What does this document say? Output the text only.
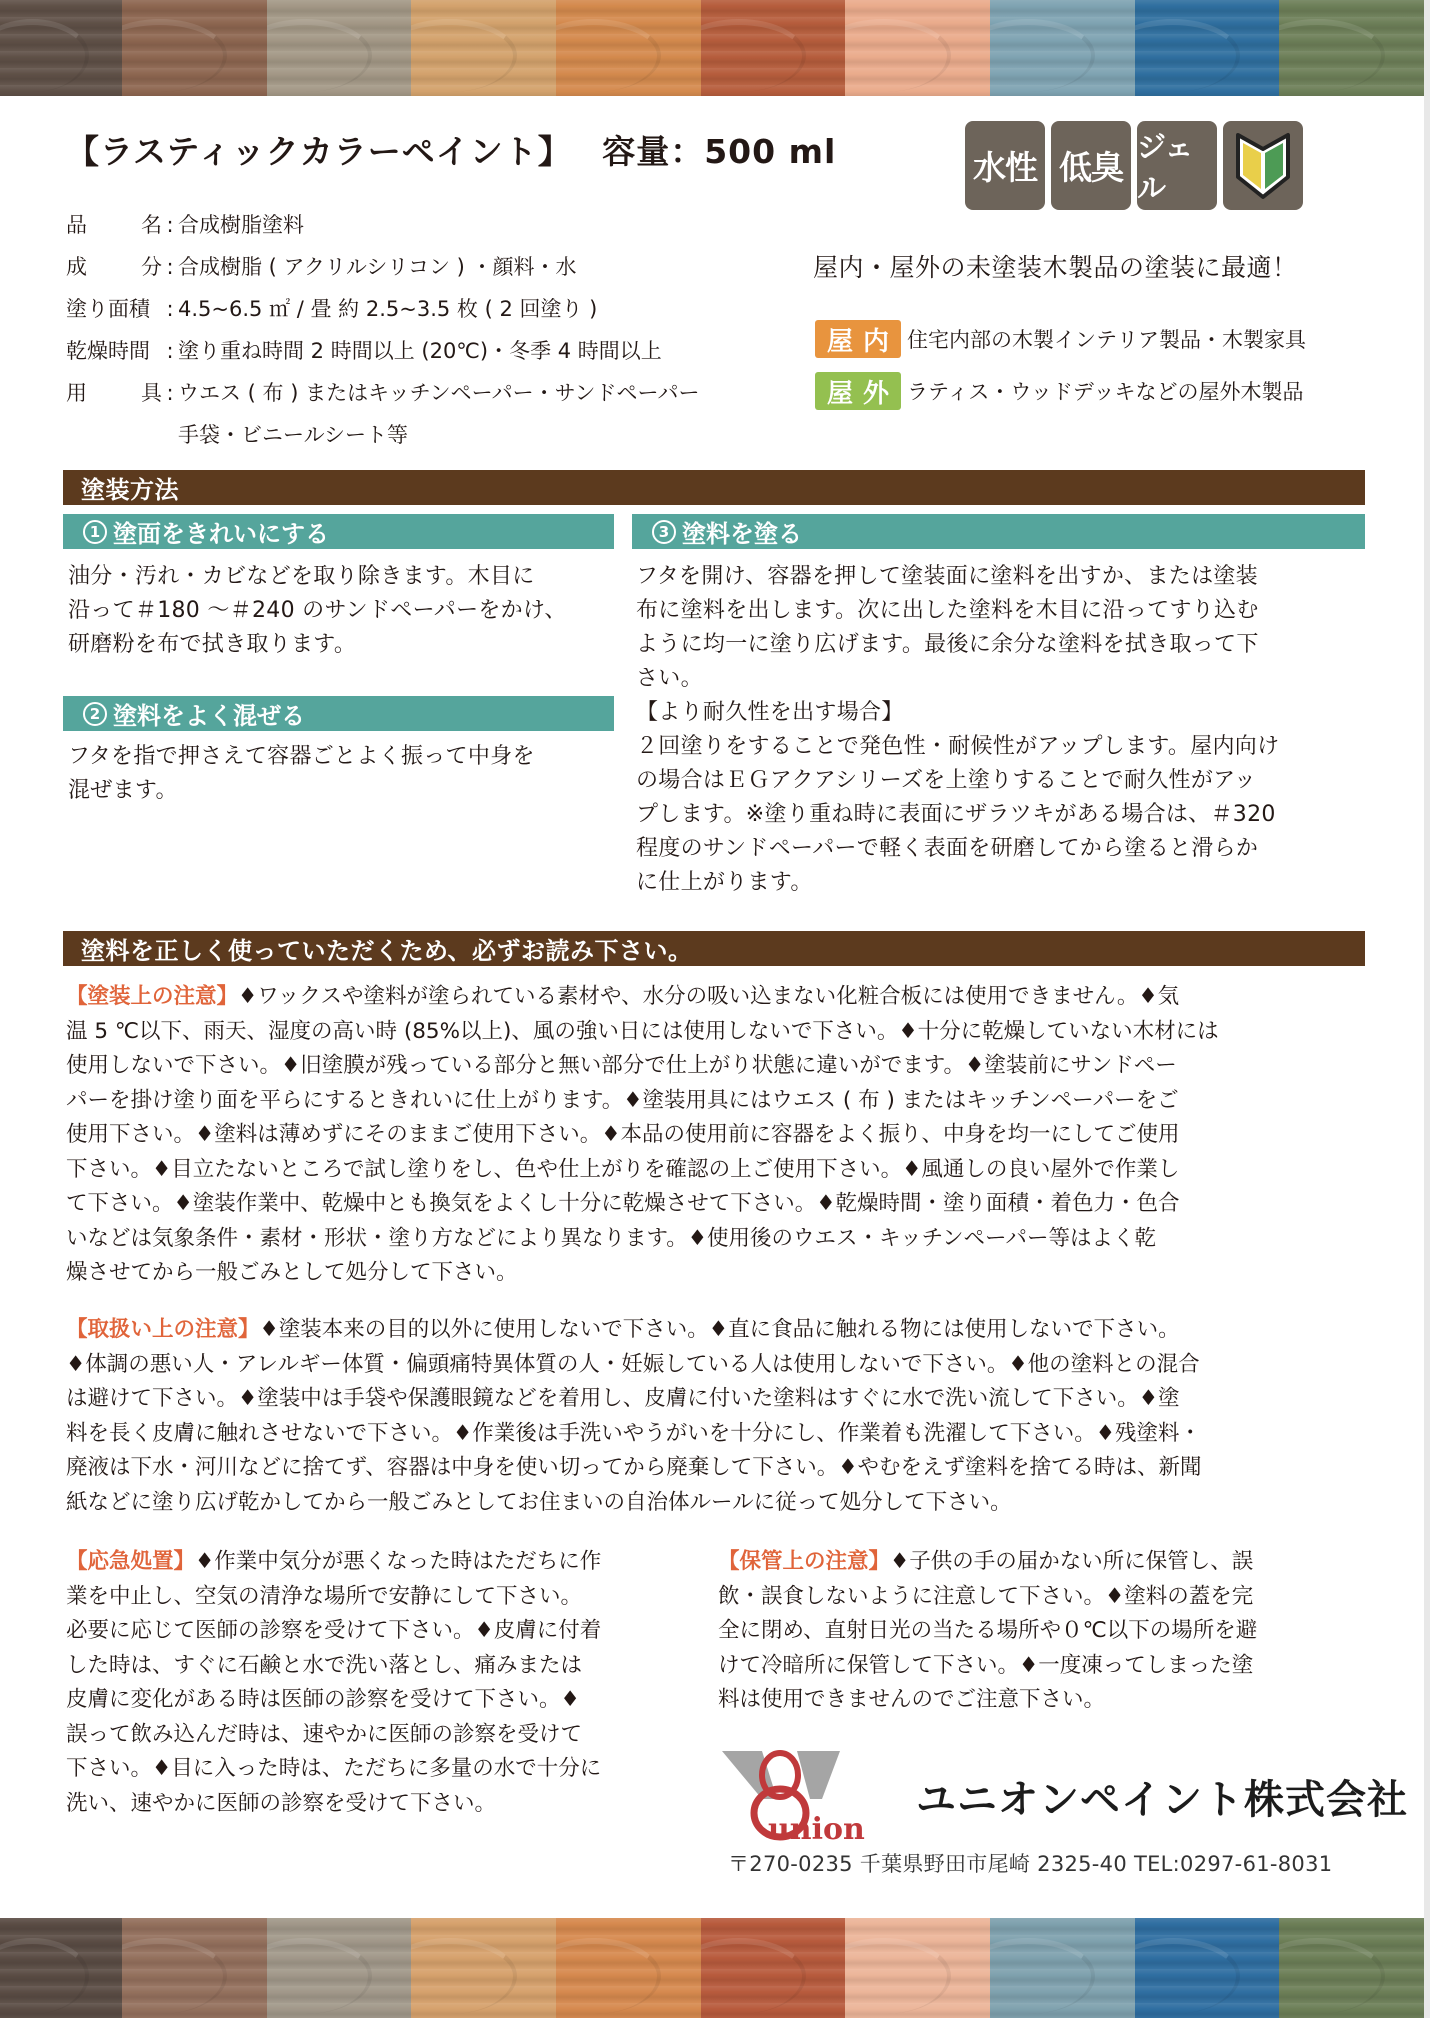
【ラスティックカラーペイント】 容量：500 ml	水性 低臭
ジェル
品	名 : 合成樹脂塗料
成	分 : 合成樹脂 ( アクリルシリコン ) ・顔料・水
塗り面積 : 4.5~6.5 ㎡ / 畳 約 2.5~3.5 枚 ( 2 回塗り )
乾燥時間 : 塗り重ね時間 2 時間以上 (20℃)・冬季 4 時間以上
用	具 : ウエス ( 布 ) またはキッチンペーパー・サンドペーパー
手袋・ビニールシート等
屋内・屋外の未塗装木製品の塗装に最適！
屋内 住宅内部の木製インテリア製品・木製家具
屋外 ラティス・ウッドデッキなどの屋外木製品
塗装方法
1 塗面をきれいにする

油分・汚れ・カビなどを取り除きます。木目に

沿って＃180 ～＃240 のサンドペーパーをかけ、

研磨粉を布で拭き取ります。

2 塗料をよく混ぜる

フタを指で押さえて容器ごとよく振って中身を

混ぜます。

3 塗料を塗る

フタを開け、容器を押して塗装面に塗料を出すか、または塗装

布に塗料を出します。次に出した塗料を木目に沿ってすり込む

ように均一に塗り広げます。最後に余分な塗料を拭き取って下

さい。

【より耐久性を出す場合】

２回塗りをすることで発色性・耐候性がアップします。屋内向け

の場合はＥＧアクアシリーズを上塗りすることで耐久性がアッ

プします。※塗り重ね時に表面にザラツキがある場合は、＃320

程度のサンドペーパーで軽く表面を研磨してから塗ると滑らか

に仕上がります。

塗料を正しく使っていただくため、必ずお読み下さい。

【塗装上の注意】♦ワックスや塗料が塗られている素材や、水分の吸い込まない化粧合板には使用できません。♦気

温 5 ℃以下、雨天、湿度の高い時 (85%以上)、風の強い日には使用しないで下さい。♦十分に乾燥していない木材には

使用しないで下さい。♦旧塗膜が残っている部分と無い部分で仕上がり状態に違いがでます。♦塗装前にサンドペー

パーを掛け塗り面を平らにするときれいに仕上がります。♦塗装用具にはウエス ( 布 ) またはキッチンペーパーをご

使用下さい。♦塗料は薄めずにそのままご使用下さい。♦本品の使用前に容器をよく振り、中身を均一にしてご使用

下さい。♦目立たないところで試し塗りをし、色や仕上がりを確認の上ご使用下さい。♦風通しの良い屋外で作業し

て下さい。♦塗装作業中、乾燥中とも換気をよくし十分に乾燥させて下さい。♦乾燥時間・塗り面積・着色力・色合

いなどは気象条件・素材・形状・塗り方などにより異なります。♦使用後のウエス・キッチンペーパー等はよく乾

燥させてから一般ごみとして処分して下さい。

【取扱い上の注意】♦塗装本来の目的以外に使用しないで下さい。♦直に食品に触れる物には使用しないで下さい。

♦体調の悪い人・アレルギー体質・偏頭痛特異体質の人・妊娠している人は使用しないで下さい。♦他の塗料との混合

は避けて下さい。♦塗装中は手袋や保護眼鏡などを着用し、皮膚に付いた塗料はすぐに水で洗い流して下さい。♦塗

料を長く皮膚に触れさせないで下さい。♦作業後は手洗いやうがいを十分にし、作業着も洗濯して下さい。♦残塗料・

廃液は下水・河川などに捨てず、容器は中身を使い切ってから廃棄して下さい。♦やむをえず塗料を捨てる時は、新聞

紙などに塗り広げ乾かしてから一般ごみとしてお住まいの自治体ルールに従って処分して下さい。

【応急処置】♦作業中気分が悪くなった時はただちに作

業を中止し、空気の清浄な場所で安静にして下さい。

必要に応じて医師の診察を受けて下さい。♦皮膚に付着

した時は、すぐに石鹸と水で洗い落とし、痛みまたは

皮膚に変化がある時は医師の診察を受けて下さい。♦

誤って飲み込んだ時は、速やかに医師の診察を受けて

下さい。♦目に入った時は、ただちに多量の水で十分に

洗い、速やかに医師の診察を受けて下さい。

【保管上の注意】♦子供の手の届かない所に保管し、誤

飲・誤食しないように注意して下さい。♦塗料の蓋を完

全に閉め、直射日光の当たる場所や０℃以下の場所を避

けて冷暗所に保管して下さい。♦一度凍ってしまった塗

料は使用できませんのでご注意下さい。

union
ユニオンペイント株式会社
〒270-0235 千葉県野田市尾崎 2325-40 TEL:0297-61-8031
